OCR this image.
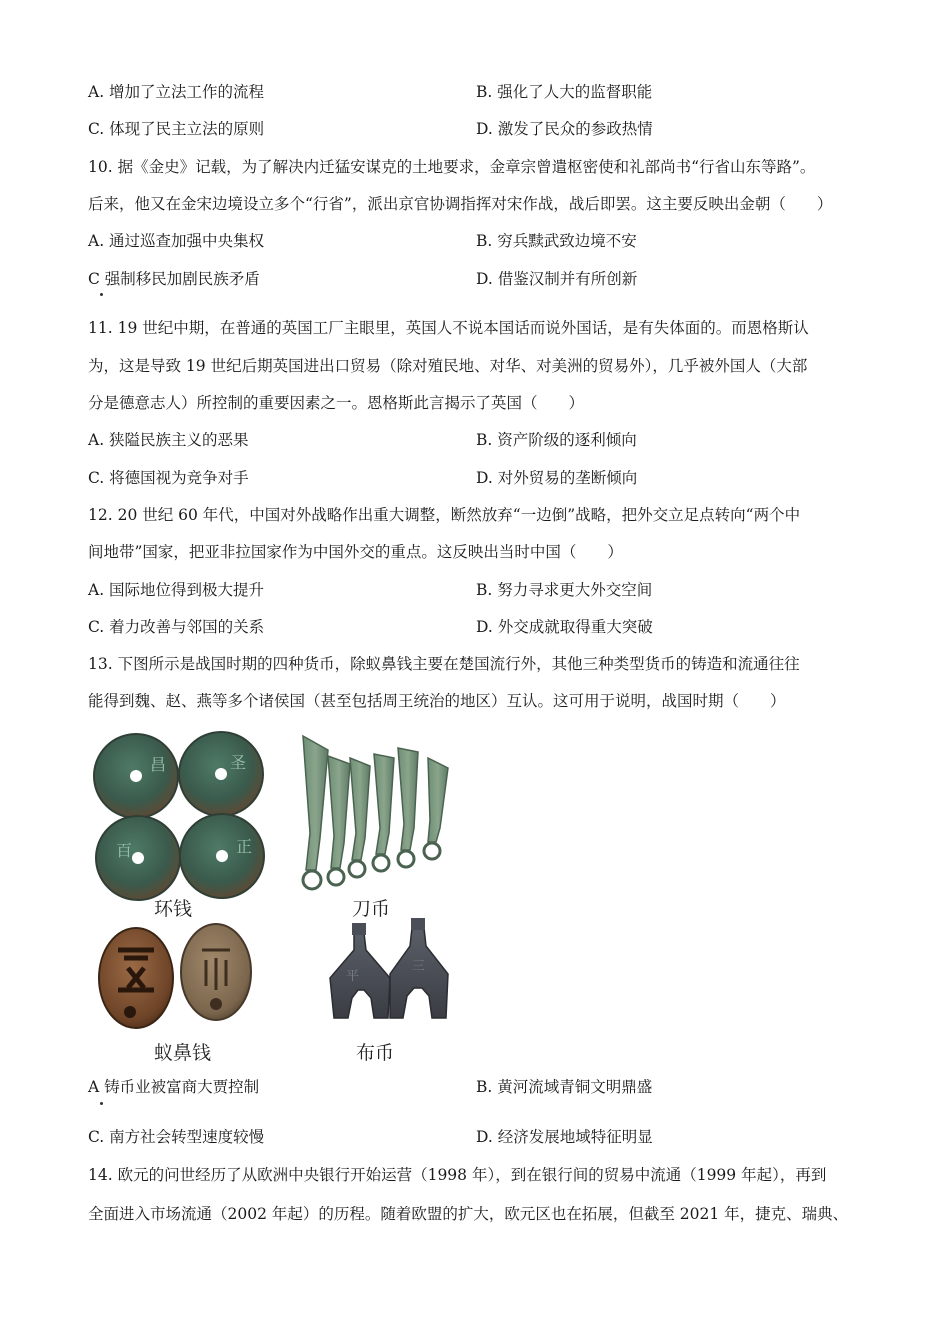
A. 增加了立法工作的流程	B. 强化了人大的监督职能
C. 体现了民主立法的原则	D. 激发了民众的参政热情
10. 据《金史》记载，为了解决内迁猛安谋克的土地要求，金章宗曾遣枢密使和礼部尚书“行省山东等路”。
后来，他又在金宋边境设立多个“行省”，派出京官协调指挥对宋作战，战后即罢。这主要反映出金朝（　　）
A. 通过巡查加强中央集权	B. 穷兵黩武致边境不安
C 强制移民加剧民族矛盾	D. 借鉴汉制并有所创新
11. 19 世纪中期，在普通的英国工厂主眼里，英国人不说本国话而说外国话，是有失体面的。而恩格斯认
为，这是导致 19 世纪后期英国进出口贸易（除对殖民地、对华、对美洲的贸易外），几乎被外国人（大部
分是德意志人）所控制的重要因素之一。恩格斯此言揭示了英国（　　）
A. 狭隘民族主义的恶果	B. 资产阶级的逐利倾向
C. 将德国视为竞争对手	D. 对外贸易的垄断倾向
12. 20 世纪 60 年代，中国对外战略作出重大调整，断然放弃“一边倒”战略，把外交立足点转向“两个中
间地带”国家，把亚非拉国家作为中国外交的重点。这反映出当时中国（　　）
A. 国际地位得到极大提升	B. 努力寻求更大外交空间
C. 着力改善与邻国的关系	D. 外交成就取得重大突破
13. 下图所示是战国时期的四种货币，除蚁鼻钱主要在楚国流行外，其他三种类型货币的铸造和流通往往
能得到魏、赵、燕等多个诸侯国（甚至包括周王统治的地区）互认。这可用于说明，战国时期（　　）
昌	圣
百	正
平
三
环钱	刀币
蚁鼻钱	布币
A 铸币业被富商大贾控制	B. 黄河流域青铜文明鼎盛
C. 南方社会转型速度较慢	D. 经济发展地域特征明显
14. 欧元的问世经历了从欧洲中央银行开始运营（1998 年），到在银行间的贸易中流通（1999 年起），再到
全面进入市场流通（2002 年起）的历程。随着欧盟的扩大，欧元区也在拓展，但截至 2021 年，捷克、瑞典、
